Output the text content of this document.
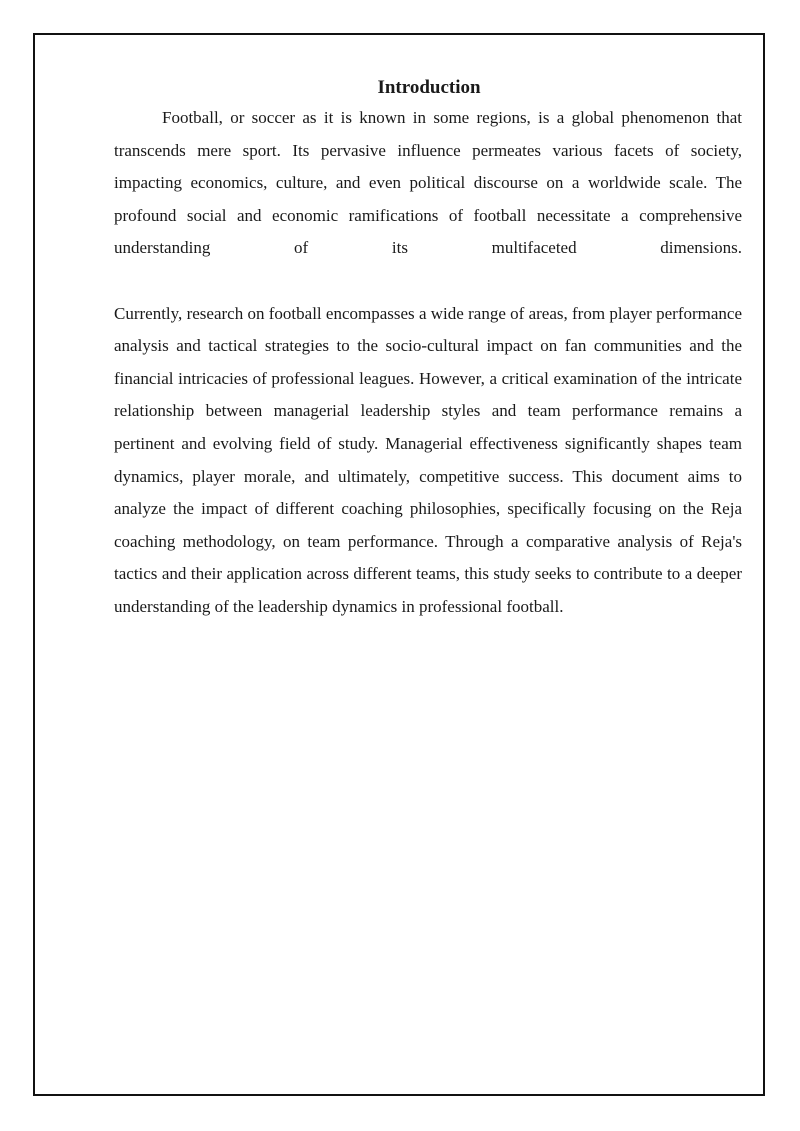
Introduction

Football, or soccer as it is known in some regions, is a global phenomenon that transcends mere sport. Its pervasive influence permeates various facets of society, impacting economics, culture, and even political discourse on a worldwide scale. The profound social and economic ramifications of football necessitate a comprehensive understanding of its multifaceted dimensions.

Currently, research on football encompasses a wide range of areas, from player performance analysis and tactical strategies to the socio-cultural impact on fan communities and the financial intricacies of professional leagues. However, a critical examination of the intricate relationship between managerial leadership styles and team performance remains a pertinent and evolving field of study. Managerial effectiveness significantly shapes team dynamics, player morale, and ultimately, competitive success. This document aims to analyze the impact of different coaching philosophies, specifically focusing on the Reja coaching methodology, on team performance. Through a comparative analysis of Reja's tactics and their application across different teams, this study seeks to contribute to a deeper understanding of the leadership dynamics in professional football.
